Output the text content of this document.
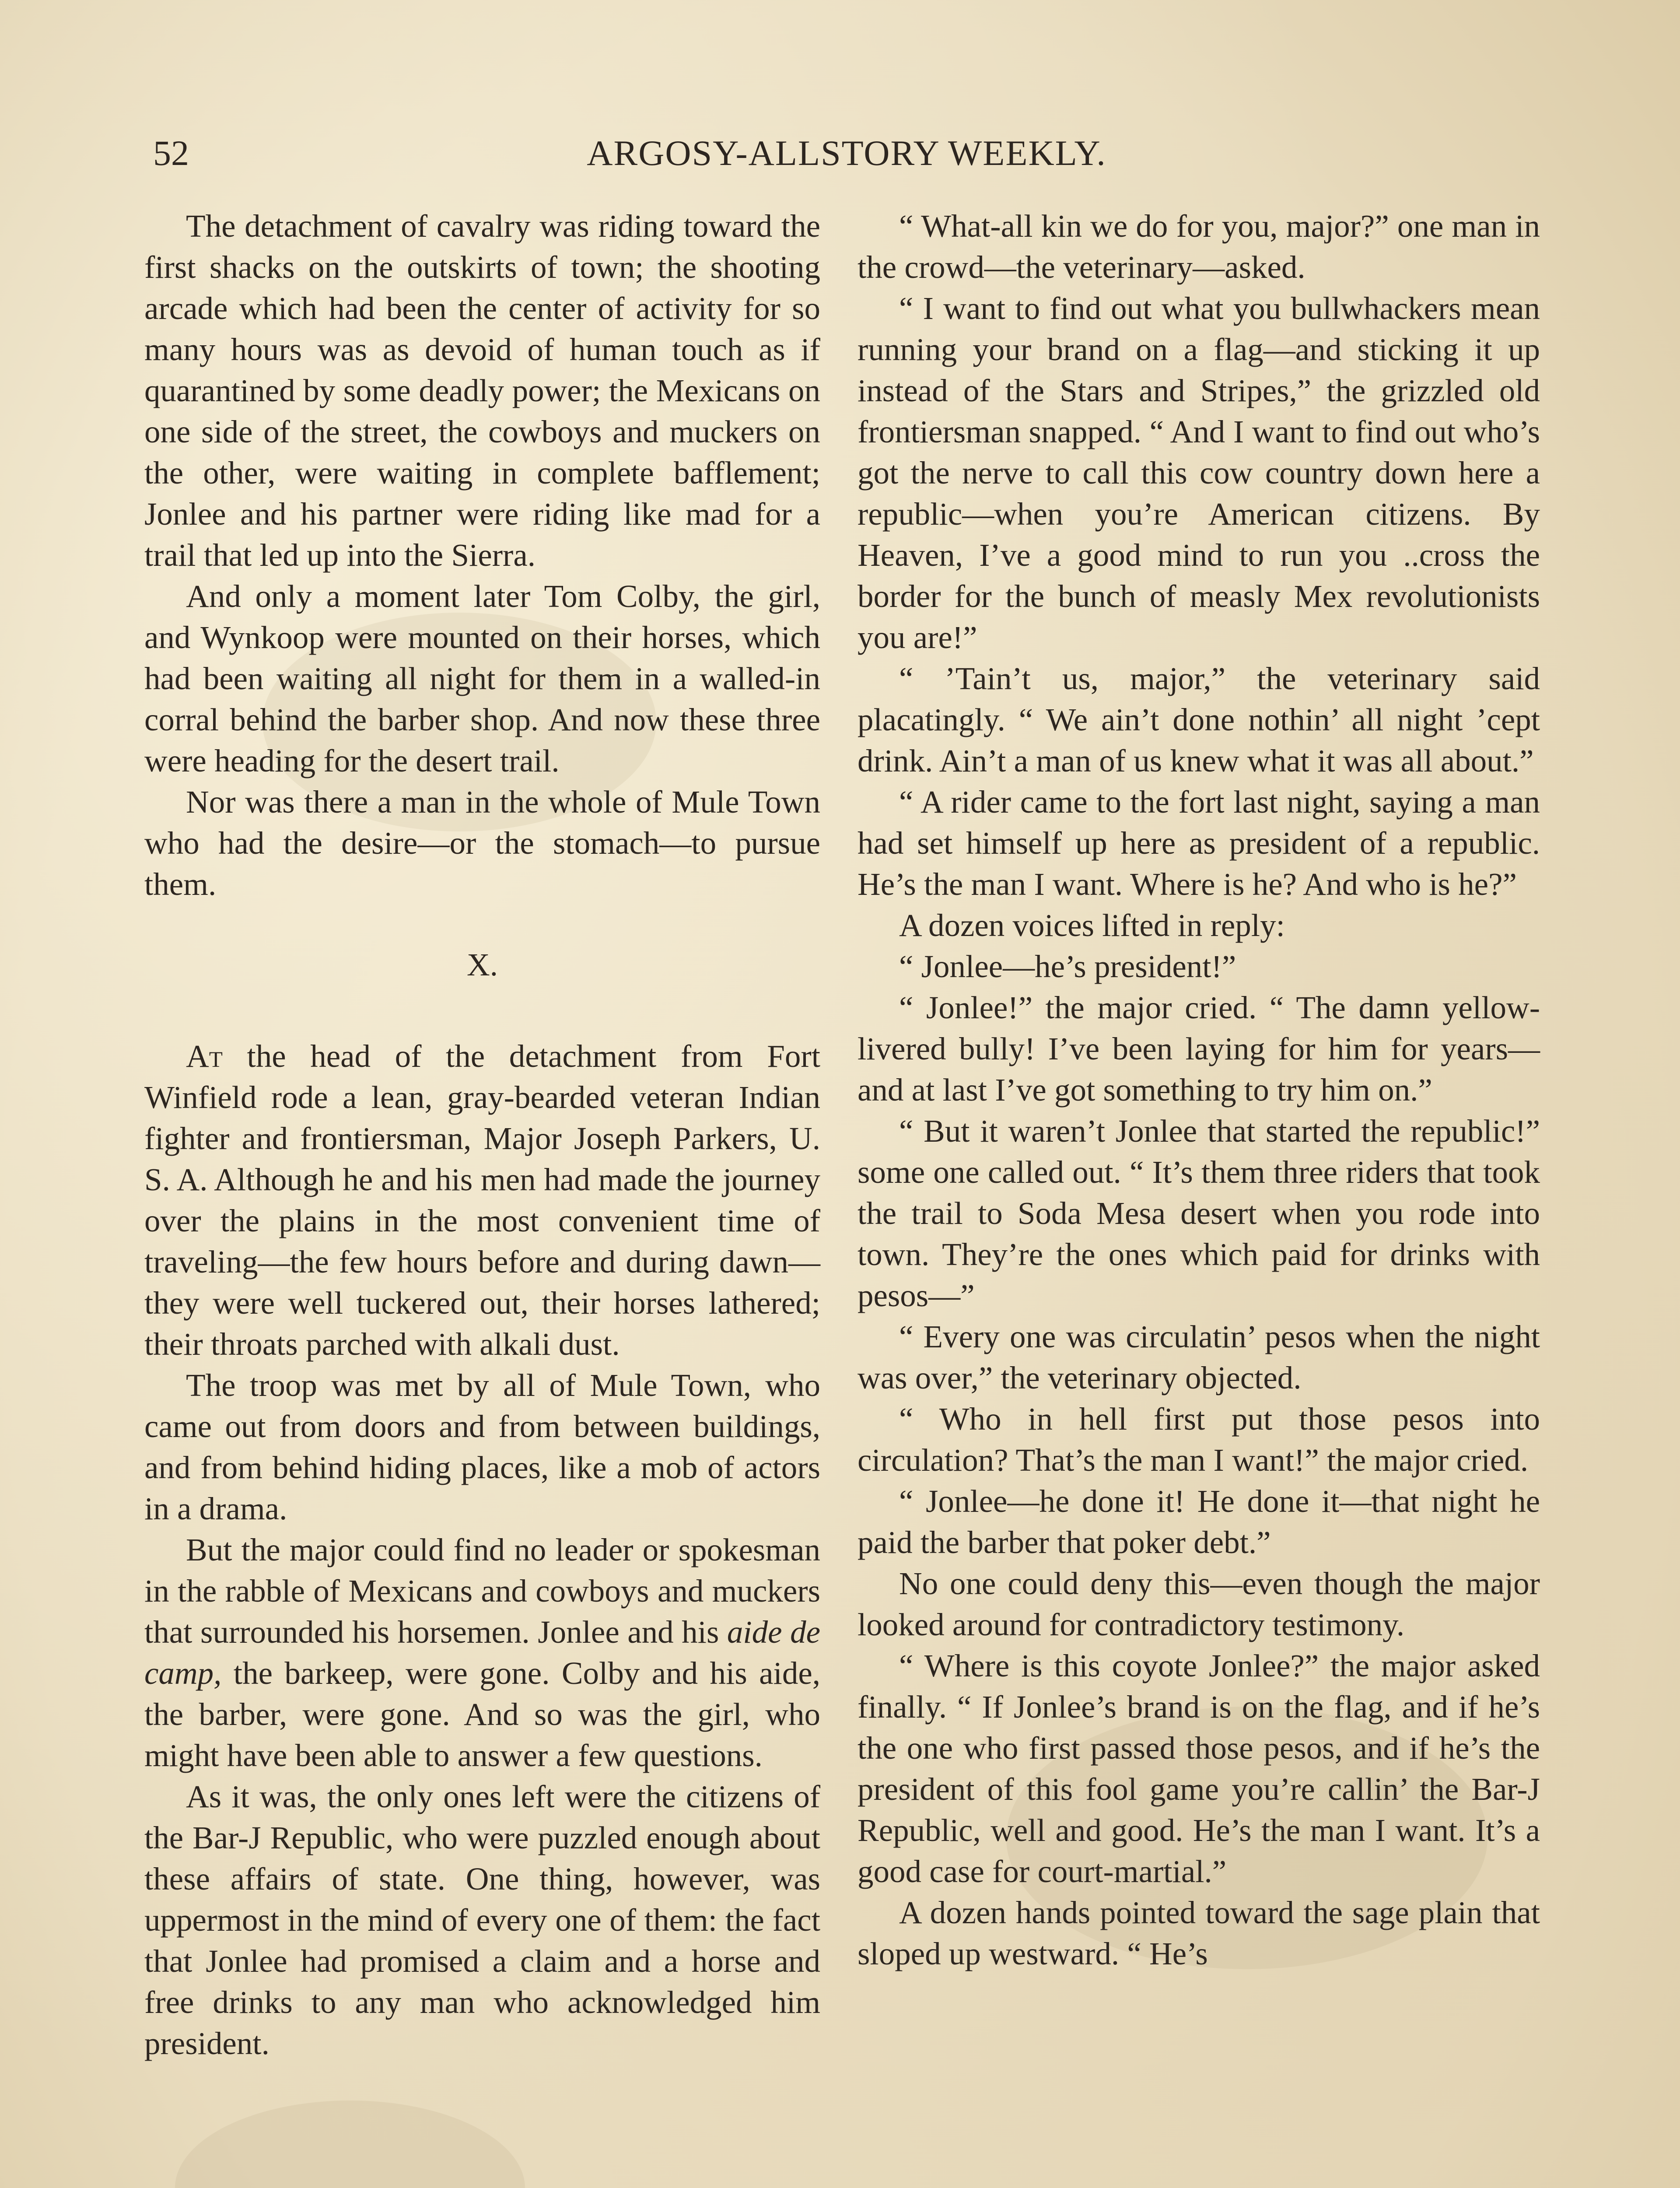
52	ARGOSY-ALLSTORY WEEKLY.

The detachment of cavalry was riding toward the first shacks on the outskirts of town; the shooting arcade which had been the center of activity for so many hours was as devoid of human touch as if quarantined by some deadly power; the Mexicans on one side of the street, the cowboys and muckers on the other, were waiting in complete bafflement; Jonlee and his partner were riding like mad for a trail that led up into the Sierra.

And only a moment later Tom Colby, the girl, and Wynkoop were mounted on their horses, which had been waiting all night for them in a walled-in corral behind the barber shop. And now these three were heading for the desert trail.

Nor was there a man in the whole of Mule Town who had the desire—or the stomach—to pursue them.

X.

At the head of the detachment from Fort Winfield rode a lean, gray-bearded veteran Indian fighter and frontiersman, Major Joseph Parkers, U. S. A. Although he and his men had made the journey over the plains in the most convenient time of traveling—the few hours before and during dawn—they were well tuckered out, their horses lathered; their throats parched with alkali dust.

The troop was met by all of Mule Town, who came out from doors and from between buildings, and from behind hiding places, like a mob of actors in a drama.

But the major could find no leader or spokesman in the rabble of Mexicans and cowboys and muckers that surrounded his horsemen. Jonlee and his aide de camp, the barkeep, were gone. Colby and his aide, the barber, were gone. And so was the girl, who might have been able to answer a few questions.

As it was, the only ones left were the citizens of the Bar-J Republic, who were puzzled enough about these affairs of state. One thing, however, was uppermost in the mind of every one of them: the fact that Jonlee had promised a claim and a horse and free drinks to any man who acknowledged him president.

“ What-all kin we do for you, major?” one man in the crowd—the veterinary—asked.

“ I want to find out what you bullwhackers mean running your brand on a flag—and sticking it up instead of the Stars and Stripes,” the grizzled old frontiersman snapped. “ And I want to find out who’s got the nerve to call this cow country down here a republic—when you’re American citizens. By Heaven, I’ve a good mind to run you ..cross the border for the bunch of measly Mex revolutionists you are!”

“ ’Tain’t us, major,” the veterinary said placatingly. “ We ain’t done nothin’ all night ’cept drink. Ain’t a man of us knew what it was all about.”

“ A rider came to the fort last night, saying a man had set himself up here as president of a republic. He’s the man I want. Where is he? And who is he?”

A dozen voices lifted in reply:

“ Jonlee—he’s president!”

“ Jonlee!” the major cried. “ The damn yellow-livered bully! I’ve been laying for him for years—and at last I’ve got something to try him on.”

“ But it waren’t Jonlee that started the republic!” some one called out. “ It’s them three riders that took the trail to Soda Mesa desert when you rode into town. They’re the ones which paid for drinks with pesos—”

“ Every one was circulatin’ pesos when the night was over,” the veterinary objected.

“ Who in hell first put those pesos into circulation? That’s the man I want!” the major cried.

“ Jonlee—he done it! He done it—that night he paid the barber that poker debt.”

No one could deny this—even though the major looked around for contradictory testimony.

“ Where is this coyote Jonlee?” the major asked finally. “ If Jonlee’s brand is on the flag, and if he’s the one who first passed those pesos, and if he’s the president of this fool game you’re callin’ the Bar-J Republic, well and good. He’s the man I want. It’s a good case for court-martial.”

A dozen hands pointed toward the sage plain that sloped up westward. “ He’s
